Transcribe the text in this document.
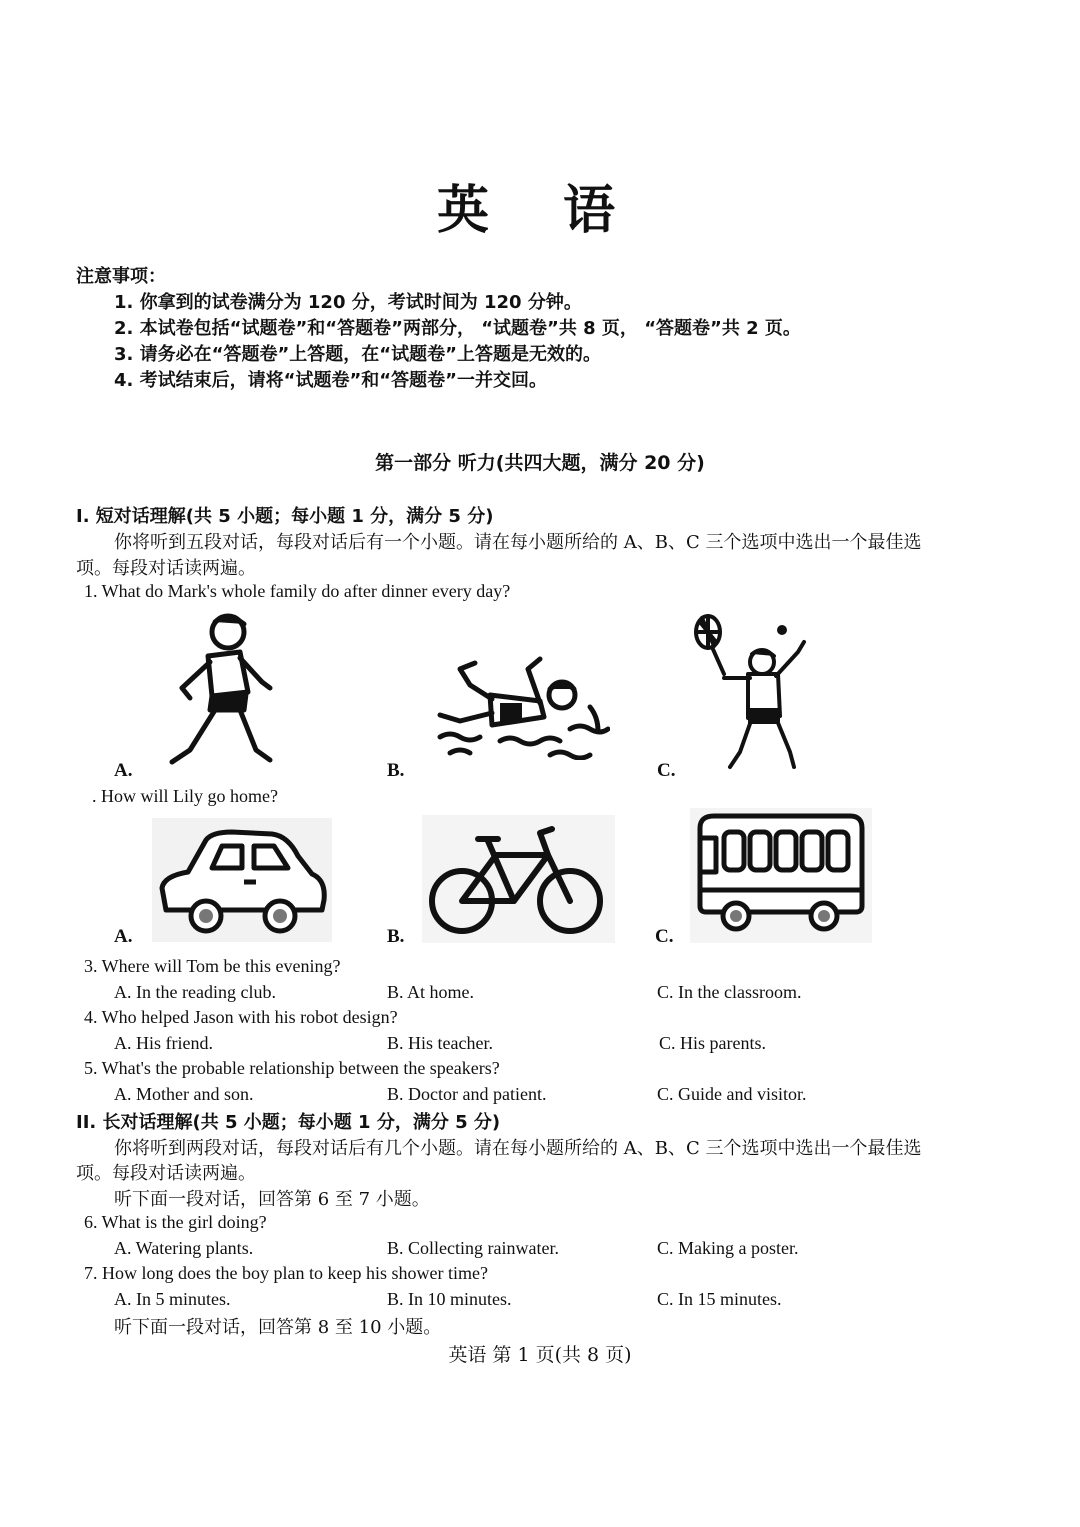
英 语
注意事项：
1. 你拿到的试卷满分为 120 分，考试时间为 120 分钟。
2. 本试卷包括“试题卷”和“答题卷”两部分， “试题卷”共 8 页， “答题卷”共 2 页。
3. 请务必在“答题卷”上答题，在“试题卷”上答题是无效的。
4. 考试结束后，请将“试题卷”和“答题卷”一并交回。
第一部分 听力(共四大题，满分 20 分)
I. 短对话理解(共 5 小题；每小题 1 分，满分 5 分)
你将听到五段对话，每段对话后有一个小题。请在每小题所给的 A、B、C 三个选项中选出一个最佳选
项。每段对话读两遍。
1. What do Mark's whole family do after dinner every day?
A.	B.	C.
. How will Lily go home?
A.	B.	C.
3. Where will Tom be this evening?
A. In the reading club.	B. At home.	C. In the classroom.
4. Who helped Jason with his robot design?
A. His friend.	B. His teacher.	C. His parents.
5. What's the probable relationship between the speakers?
A. Mother and son.	B. Doctor and patient.	C. Guide and visitor.
II. 长对话理解(共 5 小题；每小题 1 分，满分 5 分)
你将听到两段对话，每段对话后有几个小题。请在每小题所给的 A、B、C 三个选项中选出一个最佳选
项。每段对话读两遍。
听下面一段对话，回答第 6 至 7 小题。
6. What is the girl doing?
A. Watering plants.	B. Collecting rainwater.	C. Making a poster.
7. How long does the boy plan to keep his shower time?
A. In 5 minutes.	B. In 10 minutes.	C. In 15 minutes.
听下面一段对话，回答第 8 至 10 小题。
英语 第 1 页(共 8 页)
